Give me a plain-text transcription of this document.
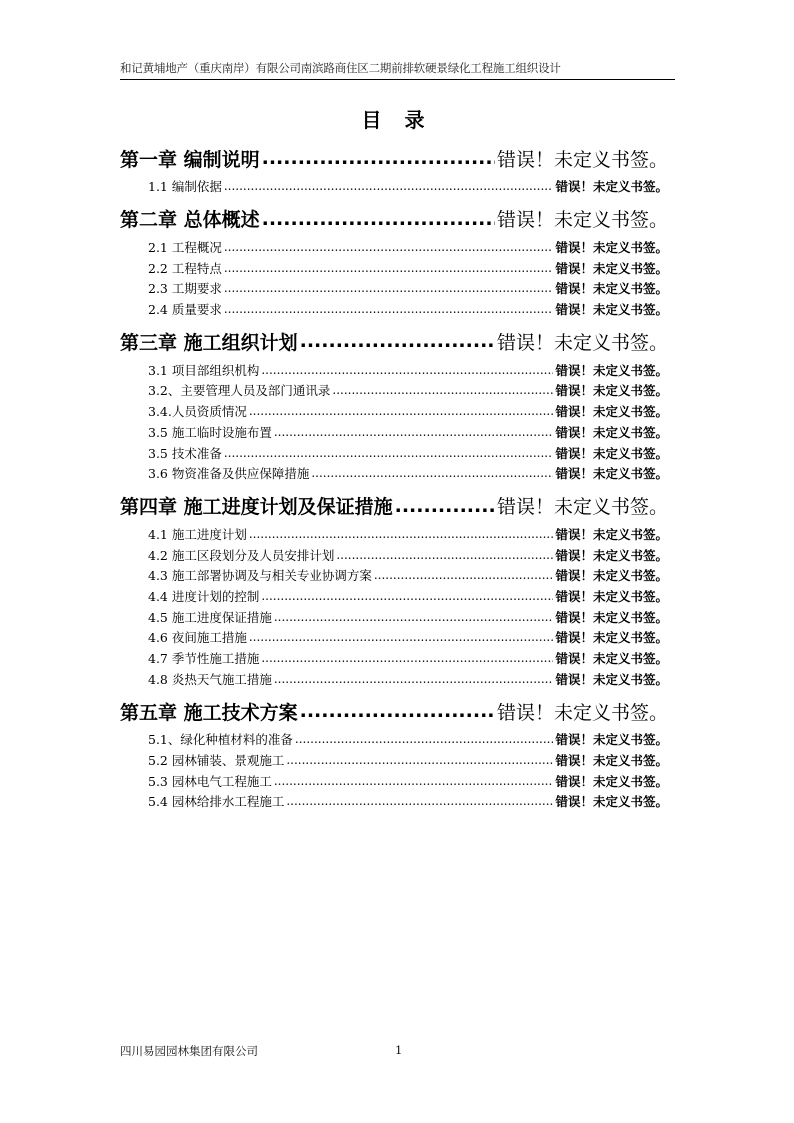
和记黄埔地产（重庆南岸）有限公司南滨路商住区二期前排软硬景绿化工程施工组织设计
目 录
第一章 编制说明 .....	错误！未定义书签。
1.1 编制依据 .....	错误！未定义书签。
第二章 总体概述 .....	错误！未定义书签。
2.1 工程概况 .....	错误！未定义书签。
2.2 工程特点 .....	错误！未定义书签。
2.3 工期要求 .....	错误！未定义书签。
2.4 质量要求 .....	错误！未定义书签。
第三章 施工组织计划 .....	错误！未定义书签。
3.1 项目部组织机构 .....	错误！未定义书签。
3.2、主要管理人员及部门通讯录 .....	错误！未定义书签。
3.4.人员资质情况 .....	错误！未定义书签。
3.5 施工临时设施布置 .....	错误！未定义书签。
3.5 技术准备 .....	错误！未定义书签。
3.6 物资准备及供应保障措施 .....	错误！未定义书签。
第四章 施工进度计划及保证措施 .....	错误！未定义书签。
4.1 施工进度计划 .....	错误！未定义书签。
4.2 施工区段划分及人员安排计划 .....	错误！未定义书签。
4.3 施工部署协调及与相关专业协调方案 .....	错误！未定义书签。
4.4 进度计划的控制 .....	错误！未定义书签。
4.5 施工进度保证措施 .....	错误！未定义书签。
4.6 夜间施工措施 .....	错误！未定义书签。
4.7 季节性施工措施 .....	错误！未定义书签。
4.8 炎热天气施工措施 .....	错误！未定义书签。
第五章 施工技术方案 .....	错误！未定义书签。
5.1、绿化种植材料的准备 .....	错误！未定义书签。
5.2 园林铺装、景观施工 .....	错误！未定义书签。
5.3 园林电气工程施工 .....	错误！未定义书签。
5.4 园林给排水工程施工 .....	错误！未定义书签。
四川易园园林集团有限公司	1
